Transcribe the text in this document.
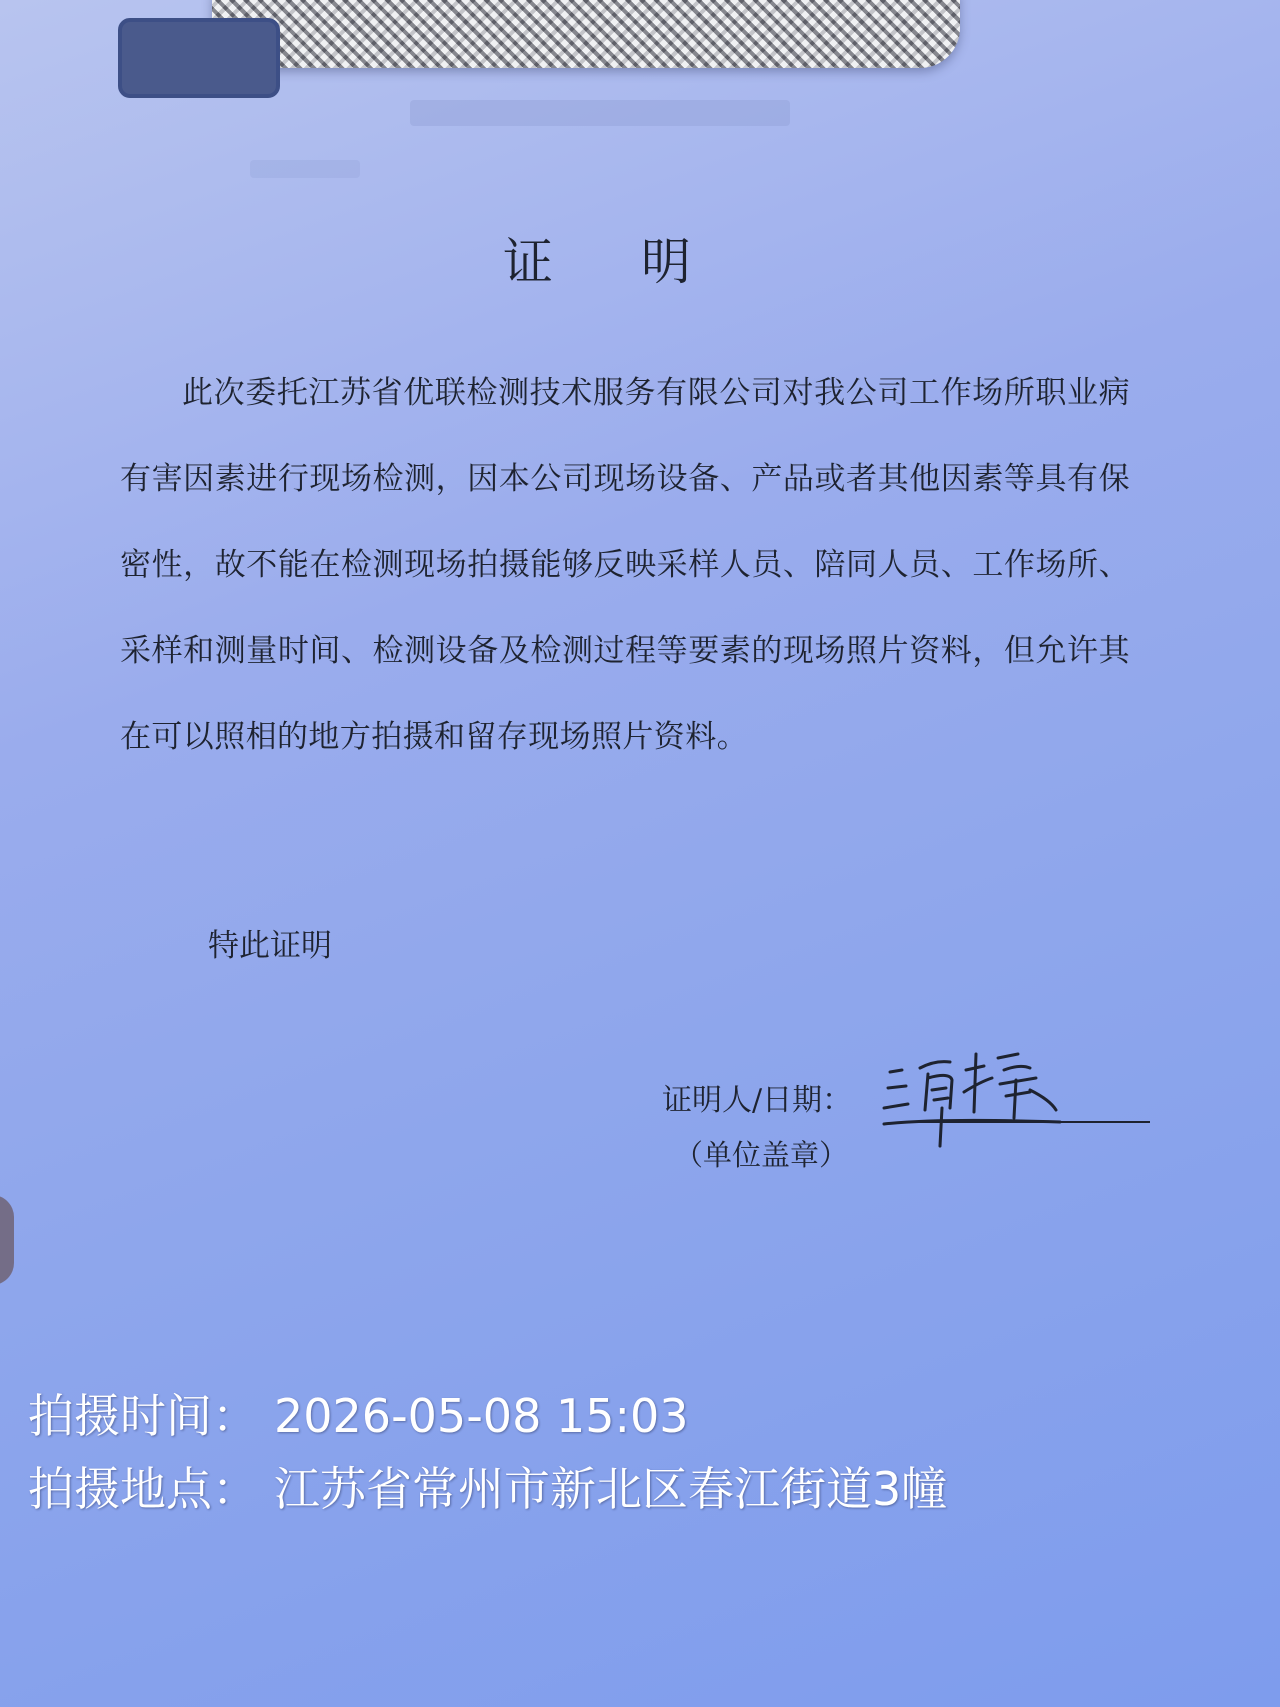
证 明
此次委托江苏省优联检测技术服务有限公司对我公司工作场所职业病有害因素进行现场检测，因本公司现场设备、产品或者其他因素等具有保密性，故不能在检测现场拍摄能够反映采样人员、陪同人员、工作场所、采样和测量时间、检测设备及检测过程等要素的现场照片资料，但允许其在可以照相的地方拍摄和留存现场照片资料。
特此证明
证明人/日期：
（单位盖章）
拍摄时间： 2026-05-08 15:03
拍摄地点： 江苏省常州市新北区春江街道3幢
